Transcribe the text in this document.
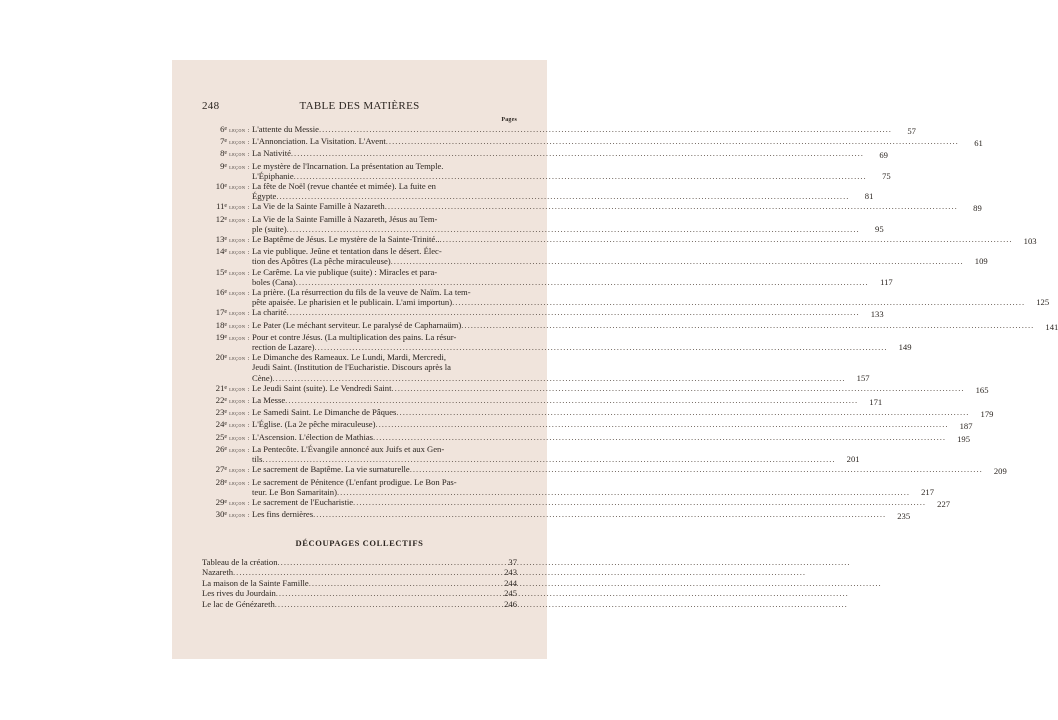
248	TABLE DES MATIÈRES
Pages
6e leçon : L'attente du Messie .....	57
7e leçon : L'Annonciation. La Visitation. L'Avent .....	61
8e leçon : La Nativité .....	69
9e leçon : Le mystère de l'Incarnation. La présentation au Temple.
L'Épiphanie .....	75
10e leçon : La fête de Noël (revue chantée et mimée). La fuite en
Égypte .....	81
11e leçon : La Vie de la Sainte Famille à Nazareth .....	89
12e leçon : La Vie de la Sainte Famille à Nazareth, Jésus au Tem-
ple (suite) .....	95
13e leçon : Le Baptême de Jésus. Le mystère de la Sainte-Trinité.. .....	103
14e leçon : La vie publique. Jeûne et tentation dans le désert. Élec-
tion des Apôtres (La pêche miraculeuse) .....	109
15e leçon : Le Carême. La vie publique (suite) : Miracles et para-
boles (Cana) .....	117
16e leçon : La prière. (La résurrection du fils de la veuve de Naïm. La tem-
pête apaisée. Le pharisien et le publicain. L'ami importun) .....	125
17e leçon : La charité .....	133
18e leçon : Le Pater (Le méchant serviteur. Le paralysé de Capharnaüm) .....	141
19e leçon : Pour et contre Jésus. (La multiplication des pains. La résur-
rection de Lazare) .....	149
20e leçon : Le Dimanche des Rameaux. Le Lundi, Mardi, Mercredi,
Jeudi Saint. (Institution de l'Eucharistie. Discours après la
Cène) .....	157
21e leçon : Le Jeudi Saint (suite). Le Vendredi Saint .....	165
22e leçon : La Messe .....	171
23e leçon : Le Samedi Saint. Le Dimanche de Pâques .....	179
24e leçon : L'Église. (La 2e pêche miraculeuse) .....	187
25e leçon : L'Ascension. L'élection de Mathias .....	195
26e leçon : La Pentecôte. L'Évangile annoncé aux Juifs et aux Gen-
tils .....	201
27e leçon : Le sacrement de Baptême. La vie surnaturelle .....	209
28e leçon : Le sacrement de Pénitence (L'enfant prodigue. Le Bon Pas-
teur. Le Bon Samaritain) .....	217
29e leçon : Le sacrement de l'Eucharistie .....	227
30e leçon : Les fins dernières .....	235
DÉCOUPAGES COLLECTIFS
Tableau de la création .....	37
Nazareth .....	243
La maison de la Sainte Famille .....	244
Les rives du Jourdain .....	245
Le lac de Génézareth .....	246
